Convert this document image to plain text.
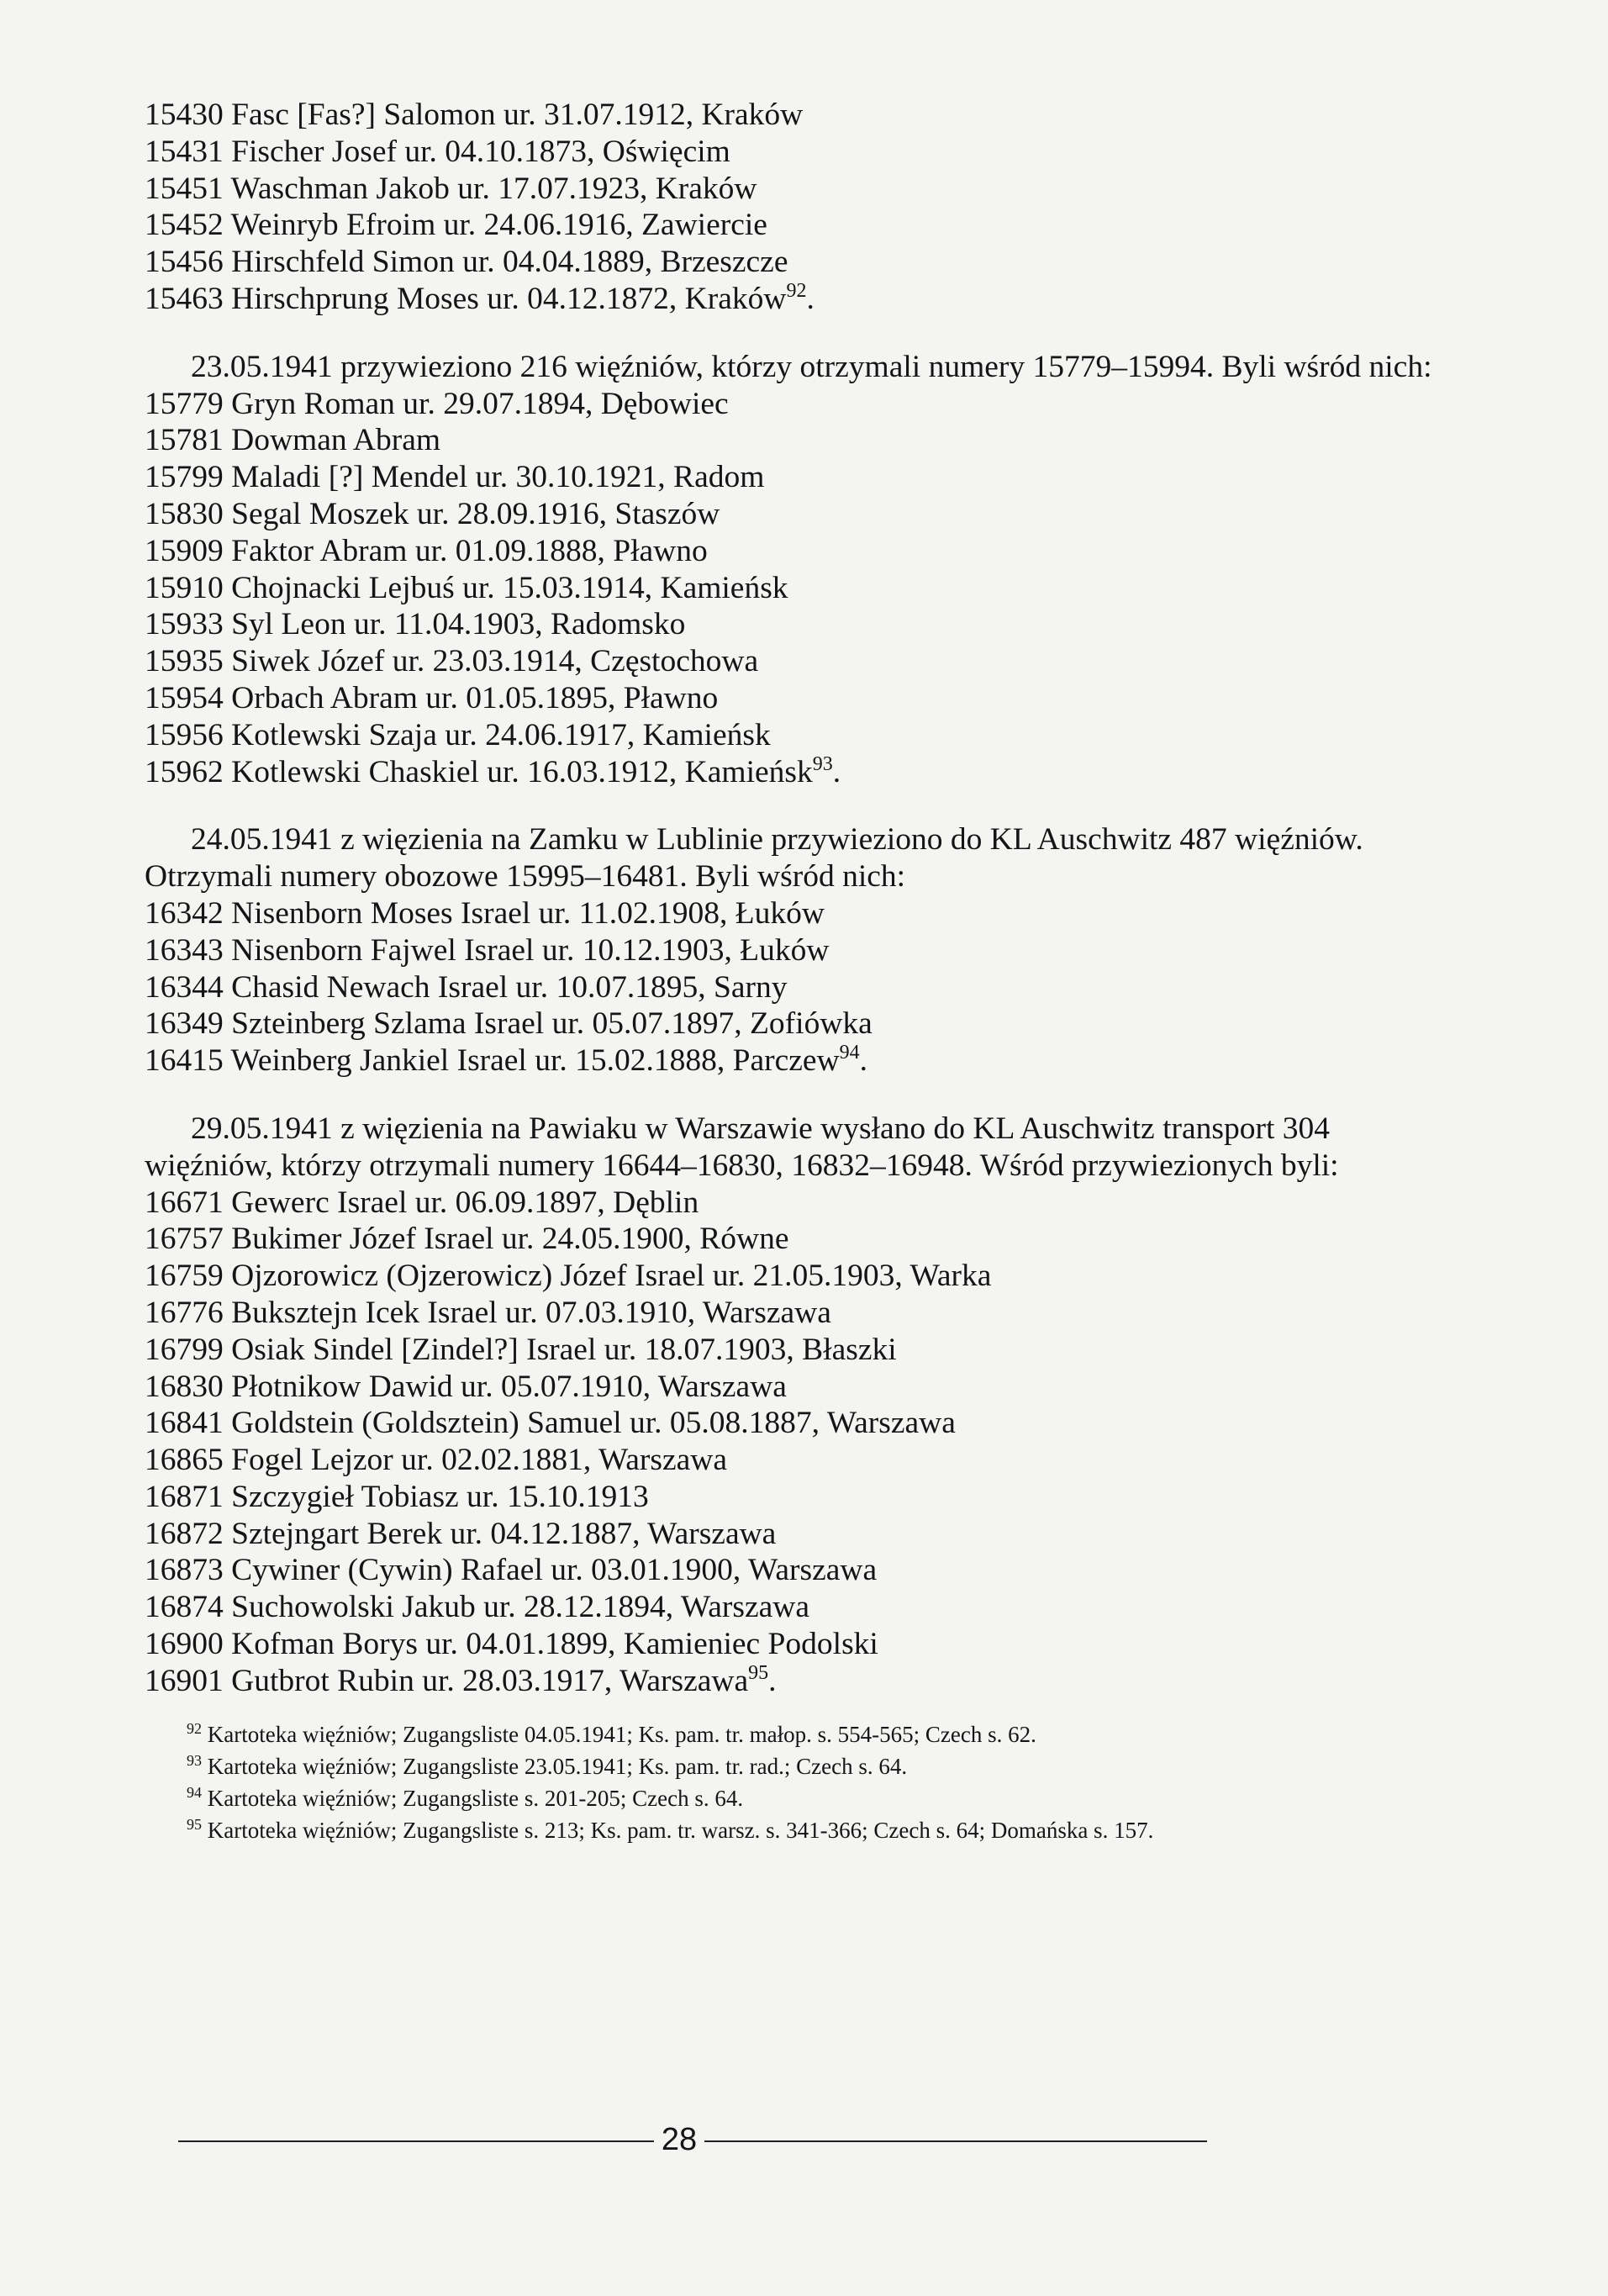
15430 Fasc [Fas?] Salomon ur. 31.07.1912, Kraków
15431 Fischer Josef ur. 04.10.1873, Oświęcim
15451 Waschman Jakob ur. 17.07.1923, Kraków
15452 Weinryb Efroim ur. 24.06.1916, Zawiercie
15456 Hirschfeld Simon ur. 04.04.1889, Brzeszcze
15463 Hirschprung Moses ur. 04.12.1872, Kraków$^{92}$.
23.05.1941 przywieziono 216 więźniów, którzy otrzymali numery 15779–15994. Byli wśród nich:
15779 Gryn Roman ur. 29.07.1894, Dębowiec
15781 Dowman Abram
15799 Maladi [?] Mendel ur. 30.10.1921, Radom
15830 Segal Moszek ur. 28.09.1916, Staszów
15909 Faktor Abram ur. 01.09.1888, Pławno
15910 Chojnacki Lejbuś ur. 15.03.1914, Kamieńsk
15933 Syl Leon ur. 11.04.1903, Radomsko
15935 Siwek Józef ur. 23.03.1914, Częstochowa
15954 Orbach Abram ur. 01.05.1895, Pławno
15956 Kotlewski Szaja ur. 24.06.1917, Kamieńsk
15962 Kotlewski Chaskiel ur. 16.03.1912, Kamieńsk$^{93}$.
24.05.1941 z więzienia na Zamku w Lublinie przywieziono do KL Auschwitz 487 więźniów.
Otrzymali numery obozowe 15995–16481. Byli wśród nich:
16342 Nisenborn Moses Israel ur. 11.02.1908, Łuków
16343 Nisenborn Fajwel Israel ur. 10.12.1903, Łuków
16344 Chasid Newach Israel ur. 10.07.1895, Sarny
16349 Szteinberg Szlama Israel ur. 05.07.1897, Zofiówka
16415 Weinberg Jankiel Israel ur. 15.02.1888, Parczew$^{94}$.
29.05.1941 z więzienia na Pawiaku w Warszawie wysłano do KL Auschwitz transport 304
więźniów, którzy otrzymali numery 16644–16830, 16832–16948. Wśród przywiezionych byli:
16671 Gewerc Israel ur. 06.09.1897, Dęblin
16757 Bukimer Józef Israel ur. 24.05.1900, Równe
16759 Ojzorowicz (Ojzerowicz) Józef Israel ur. 21.05.1903, Warka
16776 Buksztejn Icek Israel ur. 07.03.1910, Warszawa
16799 Osiak Sindel [Zindel?] Israel ur. 18.07.1903, Błaszki
16830 Płotnikow Dawid ur. 05.07.1910, Warszawa
16841 Goldstein (Goldsztein) Samuel ur. 05.08.1887, Warszawa
16865 Fogel Lejzor ur. 02.02.1881, Warszawa
16871 Szczygieł Tobiasz ur. 15.10.1913
16872 Sztejngart Berek ur. 04.12.1887, Warszawa
16873 Cywiner (Cywin) Rafael ur. 03.01.1900, Warszawa
16874 Suchowolski Jakub ur. 28.12.1894, Warszawa
16900 Kofman Borys ur. 04.01.1899, Kamieniec Podolski
16901 Gutbrot Rubin ur. 28.03.1917, Warszawa$^{95}$.
$^{92}$ Kartoteka więźniów; Zugangsliste 04.05.1941; Ks. pam. tr. małop. s. 554-565; Czech s. 62.
$^{93}$ Kartoteka więźniów; Zugangsliste 23.05.1941; Ks. pam. tr. rad.; Czech s. 64.
$^{94}$ Kartoteka więźniów; Zugangsliste s. 201-205; Czech s. 64.
$^{95}$ Kartoteka więźniów; Zugangsliste s. 213; Ks. pam. tr. warsz. s. 341-366; Czech s. 64; Domańska s. 157.
28
